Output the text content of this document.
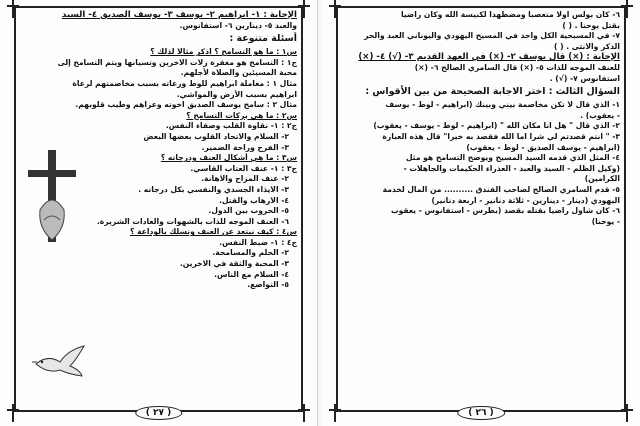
الإجابة : ١- ابراهيم ٢- يوسف ٣- يوسف الصديق ٤- السيد
والعبد ٥- دينارين ٦- استفانوس.
أسئلة متنوعة :
س١ : ما هو التسامح ؟ اذكر مثالا لذلك ؟
ج١ : التسامح هو مغفرة زلات الاخرين وتسيانها ويتم التسامح إلى
محبة المسيئين والصلاة لأجلهم.
مثال ١ : معاملة ابراهيم للوط ورعاته بسبب مخاصمتهم لرعاة
ابراهيم بسبب الأرض والمواشي.
مثال ٢ : سامح يوسف الصديق اخوته وعزاهم وطيب قلوبهم.
س٢ : ما هي بركات التسامح ؟
ج٢ : ١- نقاوة القلب وصفاء النفس.
٢- السلام والاتحاد القلوب بعضها البعض
٣- الفرح وراحة الضمير.
س٣ : ما هي أشكال العنف ودرجاته ؟
ج٣ : ١- عنف العتاب القاسي.
٢- عنف المزاح والاهانة.
٣- الايذاء الجسدي والنفسي بكل درجاته .
٤- الارهاب والقتل.
٥- الحروب بين الدول.
٦- العنف الموجه للذات بالشهوات والعادات الشريرة.
س٤ : كيف نبتعد عن العنف ونسلك بالوداعة ؟
ج٤ : ١- ضبط النفس.
٢- الحلم والمسامحة.
٣- المحبة والثقة في الاخرين.
٤- السلام مع الناس.
٥- التواضع.
( ٢٧ )
٦- كان بولس اولا متعصبا ومضطهدا لكنيسة الله وكان راضيا
بقتل يوحنا . ( )
٧- في المسيحية الكل واحد في المسيح اليهودي واليوناني العبد والحر
الذكر والانثى . ( )
الإجابة : (×) قال يوسف ٢- (×) في العهد القديم ٣- (√) ٤- (×)
للعنف الموجه للذات ٥- (×) قال السامري الصالح ٦- (×)
استفانوس ٧- (√) .
السؤال الثالث : اختر الاجابة الصحيحة من بين الأقواس :
١- الذي قال لا تكن مخاصمة بيني وبينك (ابراهيم - لوط - يوسف
- يعقوب) .
٢- الذي قال " هل انا مكان الله " (ابراهيم - لوط - يوسف - يعقوب)
٣- " انتم قصدتم لي شرا اما الله فقصد به خيرا" قال هذه العبارة
(ابراهيم - يوسف الصديق - لوط - يعقوب)
٤- المثل الذي قدمه السيد المسيح ويوضح التسامح هو مثل
(وكيل الظلم - السيد والعبد - العذراء الحكيمات والجاهلات -
الكرامين)
٥- قدم السامري الصالح لصاحب الفندق .......... من المال لخدمة
اليهودي (دينار - دينارين - ثلاثة دنانير - اربعة دنانير)
٦- كان شاول راضيا بقتله بقصد (بطرس - استفانوس - يعقوب
- يوحنا)
( ٢٦ )
